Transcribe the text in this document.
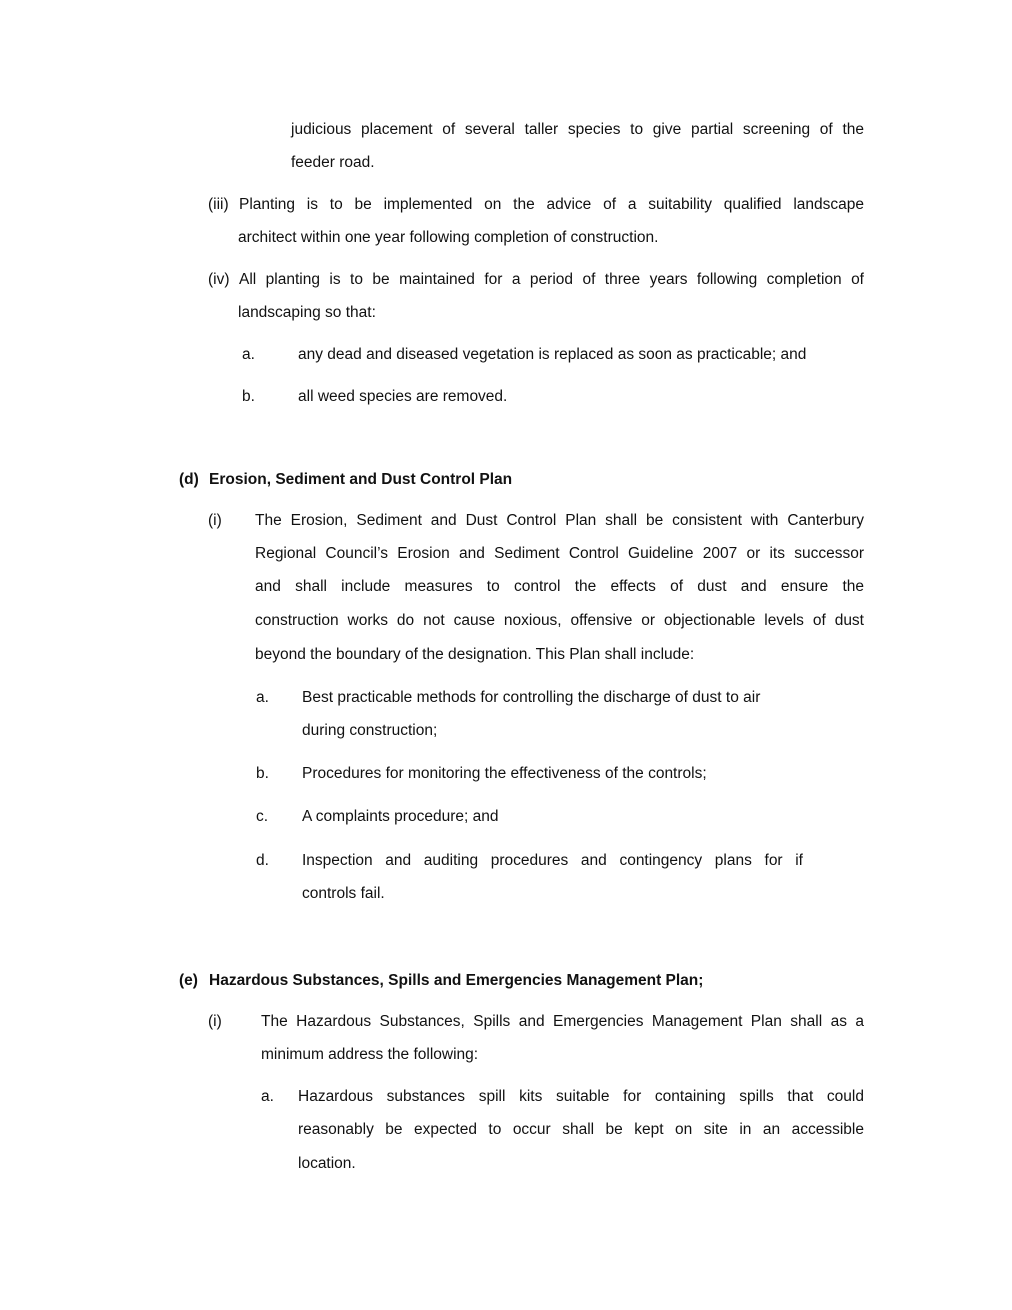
judicious placement of several taller species to give partial screening of the
feeder road.
(iii) Planting is to be implemented on the advice of a suitability qualified landscape
architect within one year following completion of construction.
(iv) All planting is to be maintained for a period of three years following completion of
landscaping so that:
a.	any dead and diseased vegetation is replaced as soon as practicable; and
b.	all weed species are removed.
(d) Erosion, Sediment and Dust Control Plan
(i) The Erosion, Sediment and Dust Control Plan shall be consistent with Canterbury
Regional Council’s Erosion and Sediment Control Guideline 2007 or its successor
and shall include measures to control the effects of dust and ensure the
construction works do not cause noxious, offensive or objectionable levels of dust
beyond the boundary of the designation. This Plan shall include:
a. Best practicable methods for controlling the discharge of dust to air
during construction;
b. Procedures for monitoring the effectiveness of the controls;
c. A complaints procedure; and
d. Inspection and auditing procedures and contingency plans for if
controls fail.
(e) Hazardous Substances, Spills and Emergencies Management Plan;
(i)	The Hazardous Substances, Spills and Emergencies Management Plan shall as a
minimum address the following:
a. Hazardous substances spill kits suitable for containing spills that could
reasonably be expected to occur shall be kept on site in an accessible
location.
